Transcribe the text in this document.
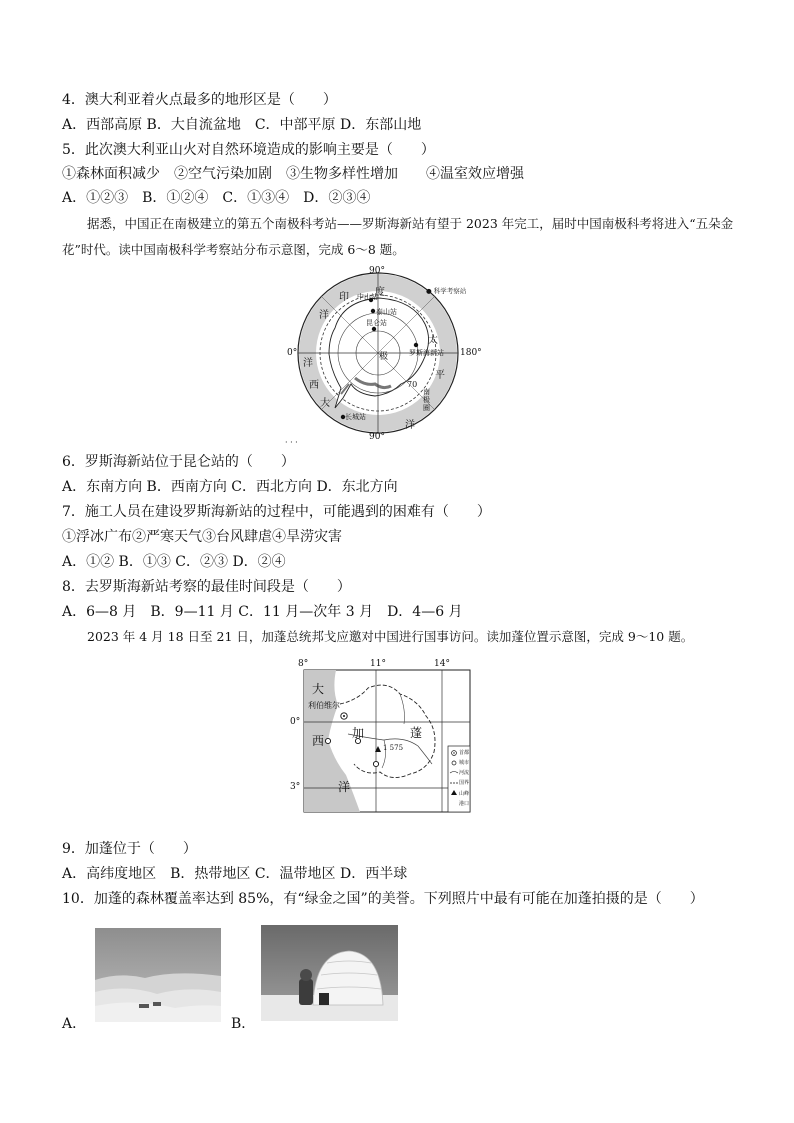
4．澳大利亚着火点最多的地形区是（　　）
A．西部高原 B．大自流盆地　C．中部平原 D．东部山地
5．此次澳大利亚山火对自然环境造成的影响主要是（　　）
①森林面积减少　②空气污染加剧　③生物多样性增加　　④温室效应增强
A．①②③　B．①②④　C．①③④　D．②③④
据悉，中国正在南极建立的第五个南极科考站——罗斯海新站有望于 2023 年完工，届时中国南极科考将进入“五朵金花”时代。读中国南极科学考察站分布示意图，完成 6～8 题。
90°
90°
0°	180°
印	度
洋
大
西
洋
太
平
洋
中山站
泰山站
昆仑站
罗斯海新站
长城站
极
70
南极圈
● 科学考察站
· · ·
6．罗斯海新站位于昆仑站的（　　）
A．东南方向 B．西南方向 C．西北方向 D．东北方向
7．施工人员在建设罗斯海新站的过程中，可能遇到的困难有（　　）
①浮冰广布②严寒天气③台风肆虐④旱涝灾害
A．①② B．①③ C．②③ D．②④
8．去罗斯海新站考察的最佳时间段是（　　）
A．6—8 月　B．9—11 月 C．11 月—次年 3 月　D．4—6 月
2023 年 4 月 18 日至 21 日，加蓬总统邦戈应邀对中国进行国事访问。读加蓬位置示意图，完成 9～10 题。
8°	11°	14°
0°
3°
大
西
洋
加	蓬
利伯维尔
1 575
首都
城市
河流
国界
山峰
港口
9．加蓬位于（　　）
A．高纬度地区　B．热带地区 C．温带地区 D．西半球
10．加蓬的森林覆盖率达到 85%，有“绿金之国”的美誉。下列照片中最有可能在加蓬拍摄的是（　　）
A．	B．
